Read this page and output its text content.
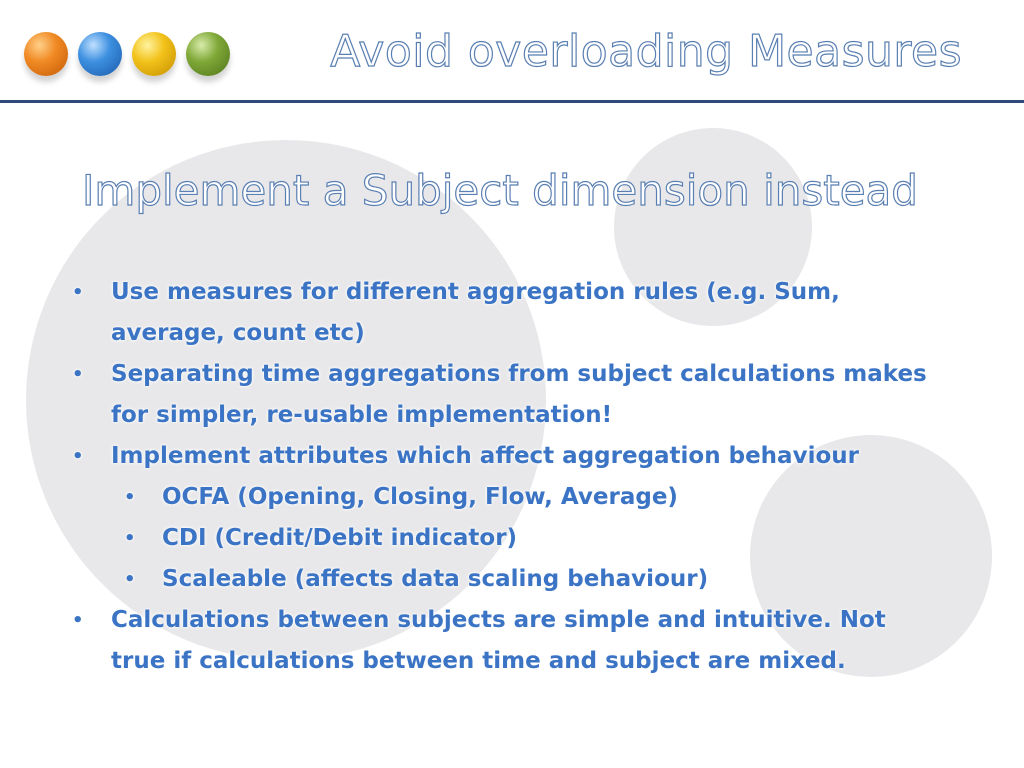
Avoid overloading Measures
Implement a Subject dimension instead
• Use measures for different aggregation rules (e.g. Sum, average, count etc)
• Separating time aggregations from subject calculations makes for simpler, re-usable implementation!
• Implement attributes which affect aggregation behaviour
• OCFA (Opening, Closing, Flow, Average)
• CDI (Credit/Debit indicator)
• Scaleable (affects data scaling behaviour)
• Calculations between subjects are simple and intuitive. Not true if calculations between time and subject are mixed.
